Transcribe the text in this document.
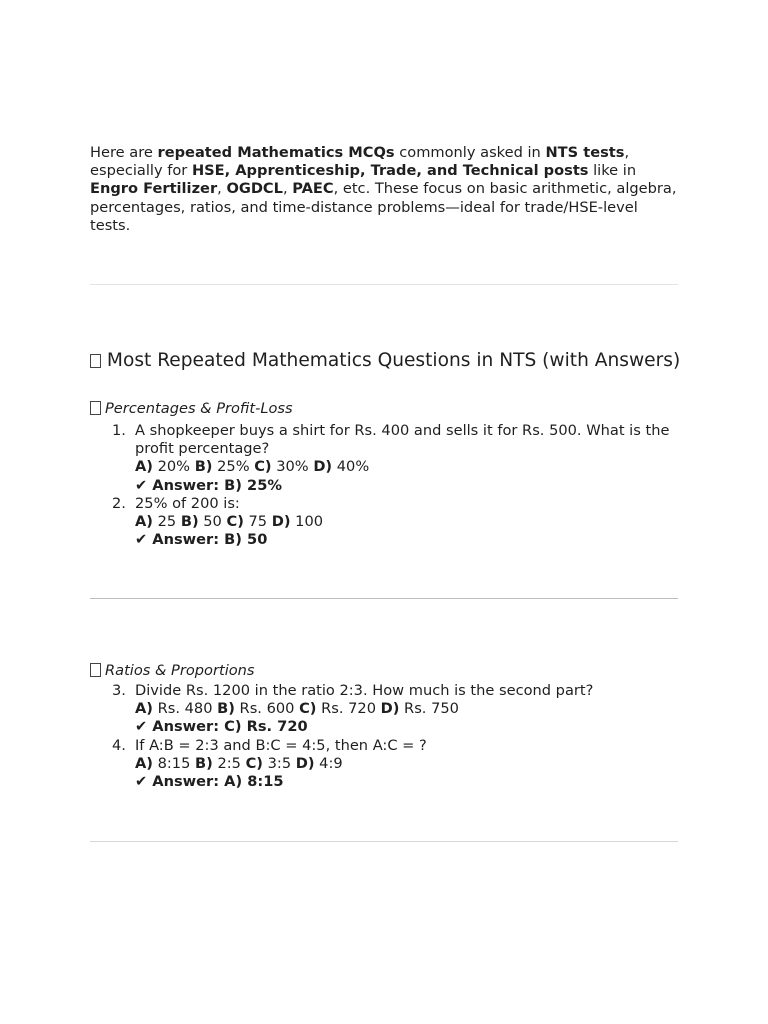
Here are repeated Mathematics MCQs commonly asked in NTS tests, especially for HSE, Apprenticeship, Trade, and Technical posts like in Engro Fertilizer, OGDCL, PAEC, etc. These focus on basic arithmetic, algebra, percentages, ratios, and time-distance problems—ideal for trade/HSE-level tests.

Most Repeated Mathematics Questions in NTS (with Answers)
Percentages & Profit-Loss
1. A shopkeeper buys a shirt for Rs. 400 and sells it for Rs. 500. What is the profit percentage?
A) 20% B) 25% C) 30% D) 40%
✔ Answer: B) 25%
2. 25% of 200 is:
A) 25 B) 50 C) 75 D) 100
✔ Answer: B) 50
Ratios & Proportions
3. Divide Rs. 1200 in the ratio 2:3. How much is the second part?
A) Rs. 480 B) Rs. 600 C) Rs. 720 D) Rs. 750
✔ Answer: C) Rs. 720
4. If A:B = 2:3 and B:C = 4:5, then A:C = ?
A) 8:15 B) 2:5 C) 3:5 D) 4:9
✔ Answer: A) 8:15
